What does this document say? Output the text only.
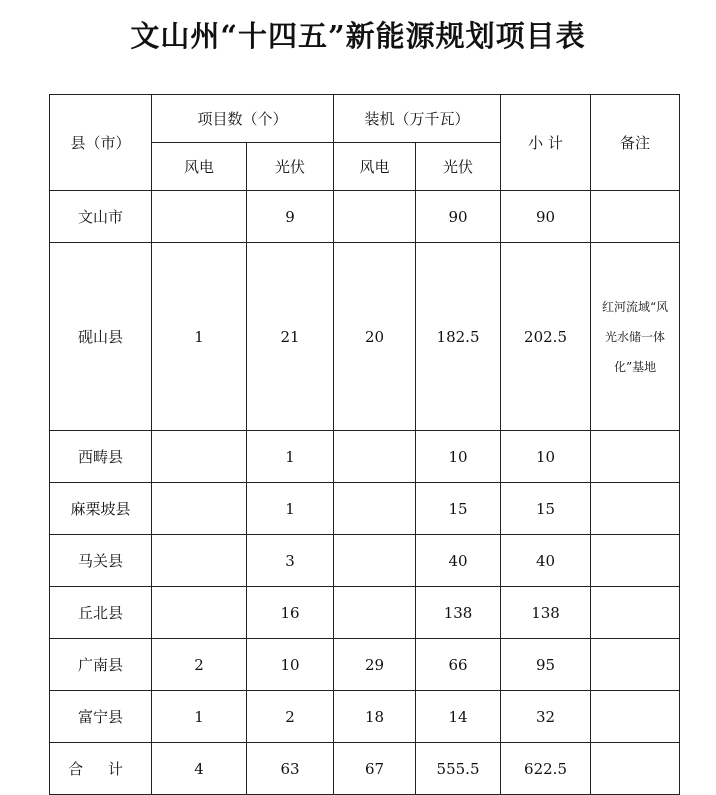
文山州“十四五”新能源规划项目表
县（市）	项目数（个）		装机（万千瓦）		小 计	备注
	风电	光伏	风电	光伏		
文山市		9		90	90	
砚山县	1	21	20	182.5	202.5	红河流域“风光水储一体化”基地
西畴县		1		10	10	
麻栗坡县		1		15	15	
马关县		3		40	40	
丘北县		16		138	138	
广南县	2	10	29	66	95	
富宁县	1	2	18	14	32	
合 计	4	63	67	555.5	622.5	
